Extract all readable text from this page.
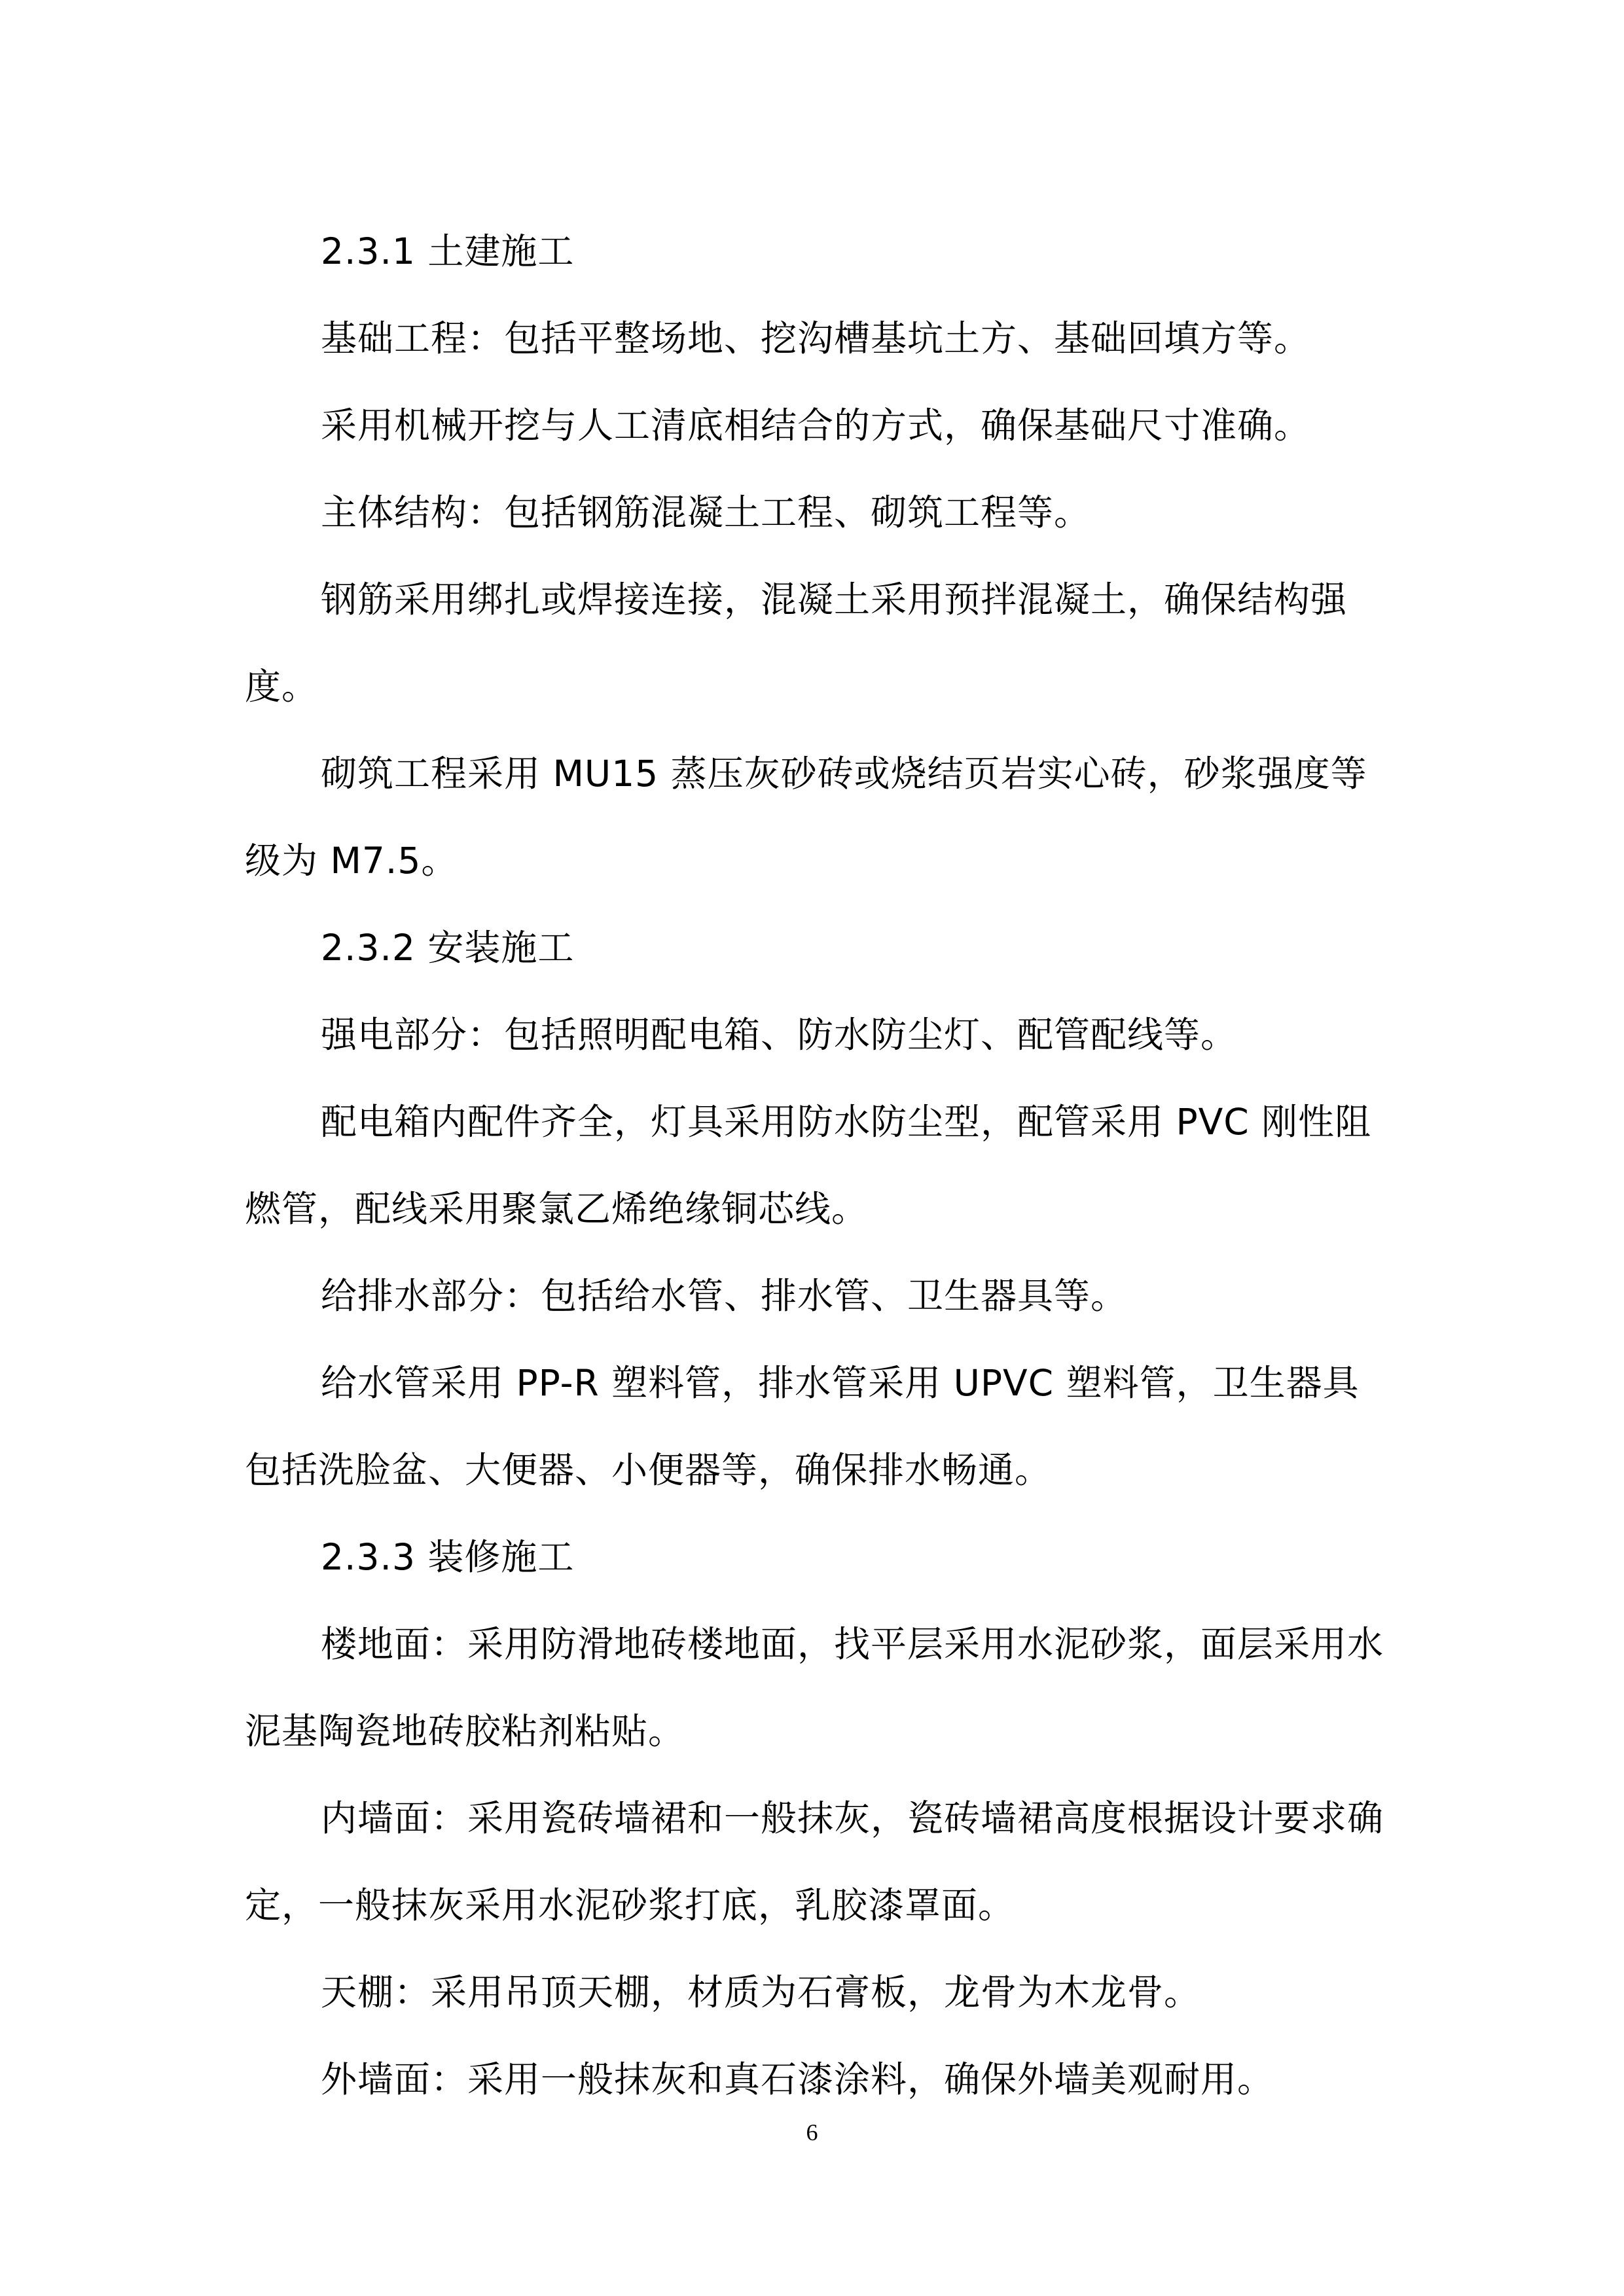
2.3.1 土建施工

基础工程：包括平整场地、挖沟槽基坑土方、基础回填方等。

采用机械开挖与人工清底相结合的方式，确保基础尺寸准确。

主体结构：包括钢筋混凝土工程、砌筑工程等。

钢筋采用绑扎或焊接连接，混凝土采用预拌混凝土，确保结构强度。

砌筑工程采用 MU15 蒸压灰砂砖或烧结页岩实心砖，砂浆强度等级为 M7.5。

2.3.2 安装施工

强电部分：包括照明配电箱、防水防尘灯、配管配线等。

配电箱内配件齐全，灯具采用防水防尘型，配管采用 PVC 刚性阻燃管，配线采用聚氯乙烯绝缘铜芯线。

给排水部分：包括给水管、排水管、卫生器具等。

给水管采用 PP-R 塑料管，排水管采用 UPVC 塑料管，卫生器具包括洗脸盆、大便器、小便器等，确保排水畅通。

2.3.3 装修施工

楼地面：采用防滑地砖楼地面，找平层采用水泥砂浆，面层采用水泥基陶瓷地砖胶粘剂粘贴。

内墙面：采用瓷砖墙裙和一般抹灰，瓷砖墙裙高度根据设计要求确定，一般抹灰采用水泥砂浆打底，乳胶漆罩面。

天棚：采用吊顶天棚，材质为石膏板，龙骨为木龙骨。

外墙面：采用一般抹灰和真石漆涂料，确保外墙美观耐用。

6
